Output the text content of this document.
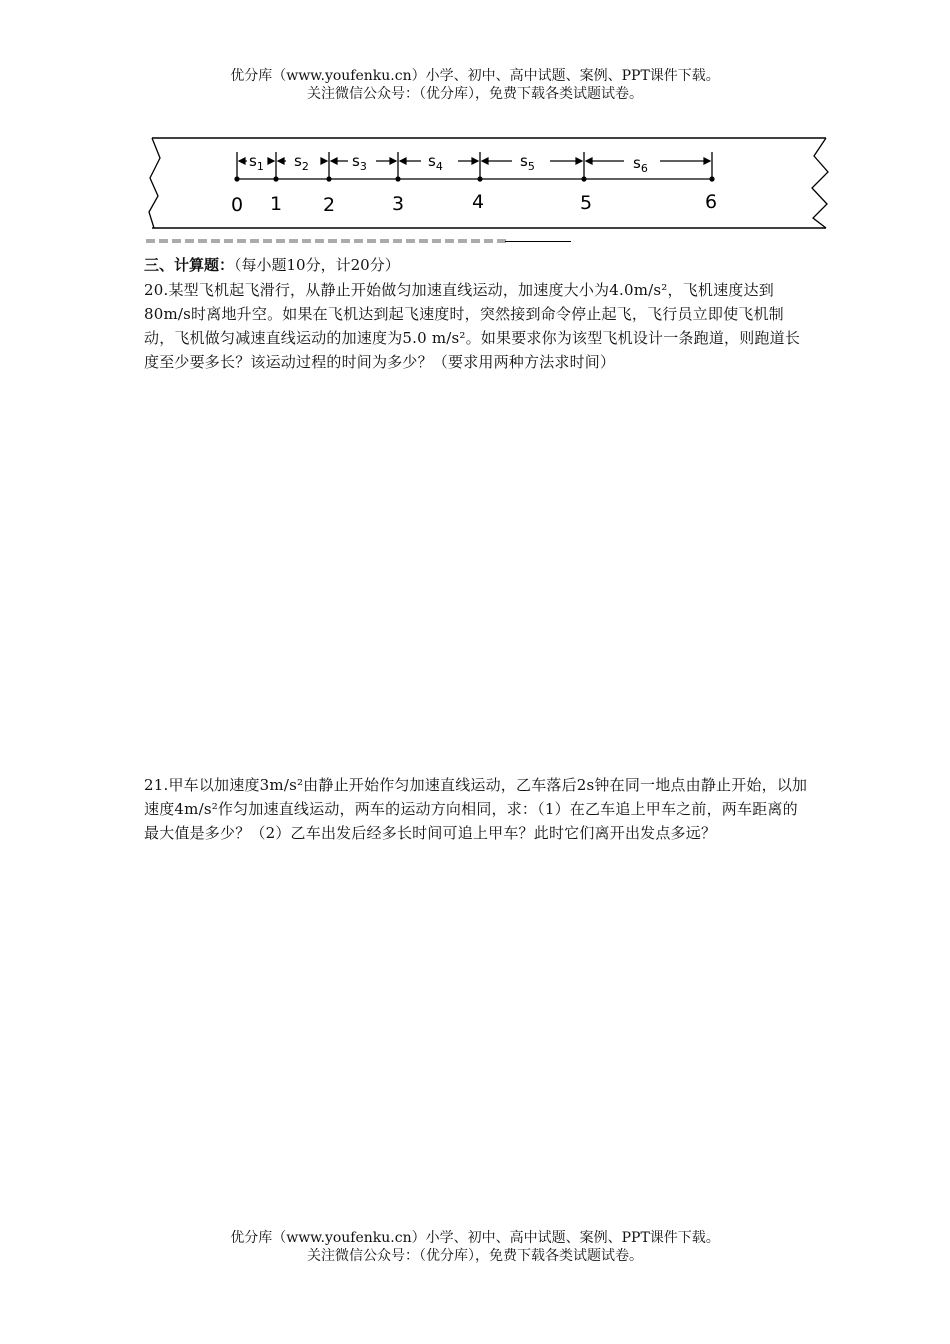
优分库（www.youfenku.cn）小学、初中、高中试题、案例、PPT课件下载。
关注微信公众号：（优分库），免费下载各类试题试卷。
$s_1$ $s_2$	$s_3$	$s_4$	$s_5$	$s_6$
0 1 2	3	4	5	6
三、计算题：（每小题10分，计20分）
20.某型飞机起飞滑行，从静止开始做匀加速直线运动，加速度大小为4.0m/s²，飞机速度达到80m/s时离地升空。如果在飞机达到起飞速度时，突然接到命令停止起飞，飞行员立即使飞机制动，飞机做匀减速直线运动的加速度为5.0 m/s²。如果要求你为该型飞机设计一条跑道，则跑道长度至少要多长？该运动过程的时间为多少？（要求用两种方法求时间）
21.甲车以加速度3m/s²由静止开始作匀加速直线运动，乙车落后2s钟在同一地点由静止开始，以加速度4m/s²作匀加速直线运动，两车的运动方向相同，求：（1）在乙车追上甲车之前，两车距离的最大值是多少？（2）乙车出发后经多长时间可追上甲车？此时它们离开出发点多远？
优分库（www.youfenku.cn）小学、初中、高中试题、案例、PPT课件下载。
关注微信公众号：（优分库），免费下载各类试题试卷。
